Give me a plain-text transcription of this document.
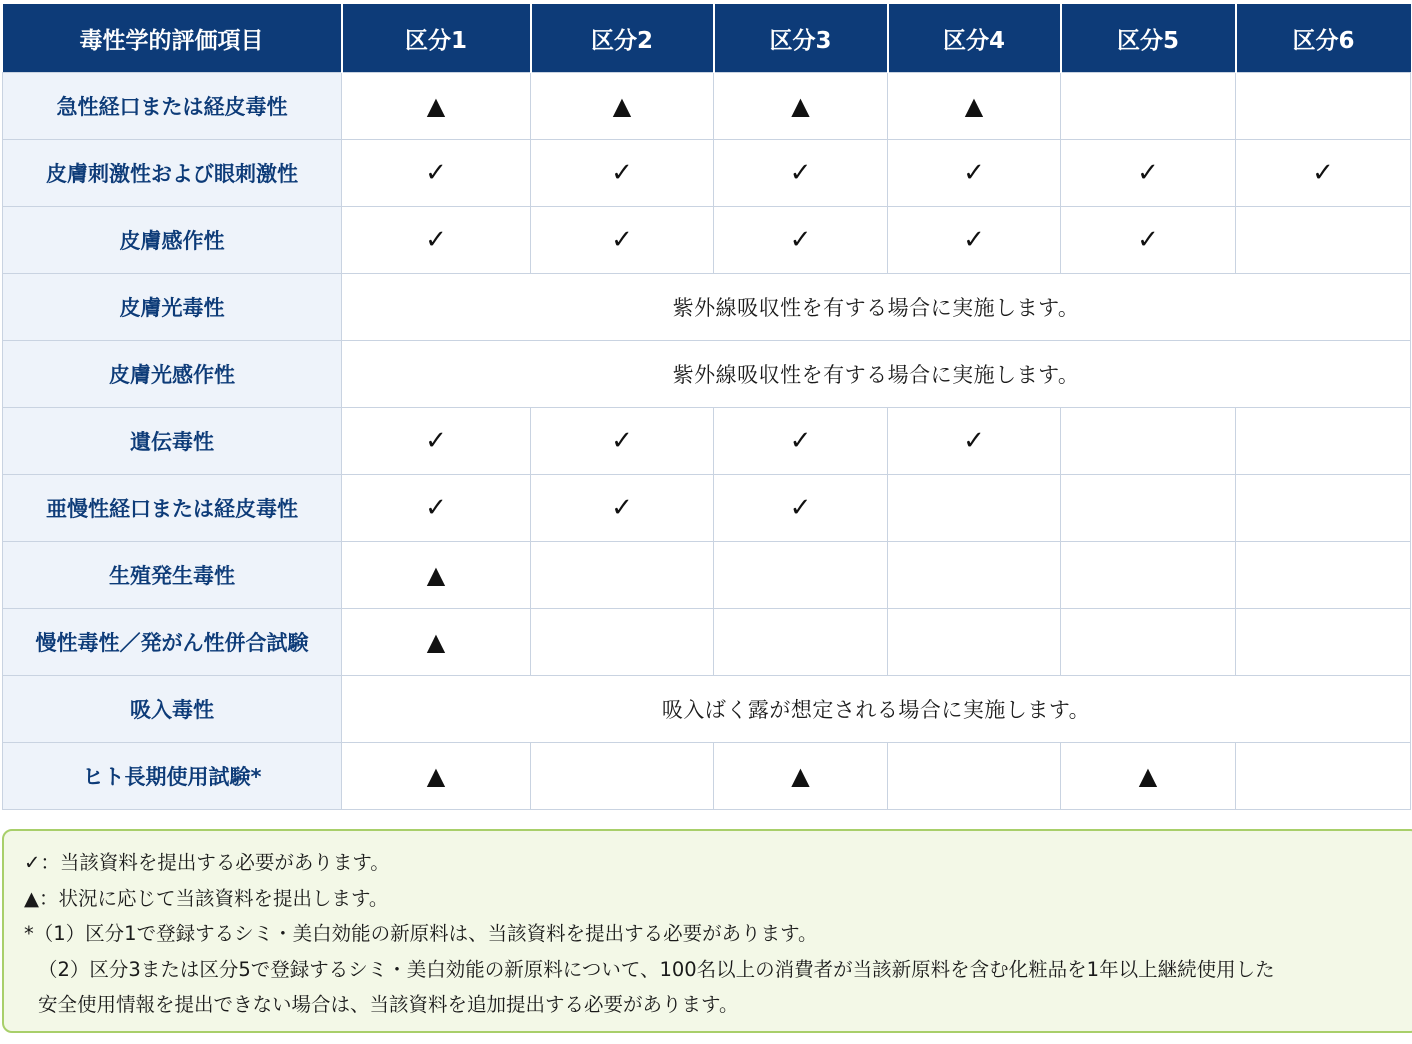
毒性学的評価項目	区分1	区分2	区分3	区分4	区分5	区分6
急性経口または経皮毒性	▲	▲	▲	▲		
皮膚刺激性および眼刺激性	✓	✓	✓	✓	✓	✓
皮膚感作性	✓	✓	✓	✓	✓	
皮膚光毒性	紫外線吸収性を有する場合に実施します。					
皮膚光感作性	紫外線吸収性を有する場合に実施します。					
遺伝毒性	✓	✓	✓	✓		
亜慢性経口または経皮毒性	✓	✓	✓			
生殖発生毒性	▲					
慢性毒性／発がん性併合試験	▲					
吸入毒性	吸入ばく露が想定される場合に実施します。					
ヒト長期使用試験*	▲		▲		▲	
✓：当該資料を提出する必要があります。
▲：状況に応じて当該資料を提出します。
*（1）区分1で登録するシミ・美白効能の新原料は、当該資料を提出する必要があります。
（2）区分3または区分5で登録するシミ・美白効能の新原料について、100名以上の消費者が当該新原料を含む化粧品を1年以上継続使用した
安全使用情報を提出できない場合は、当該資料を追加提出する必要があります。
